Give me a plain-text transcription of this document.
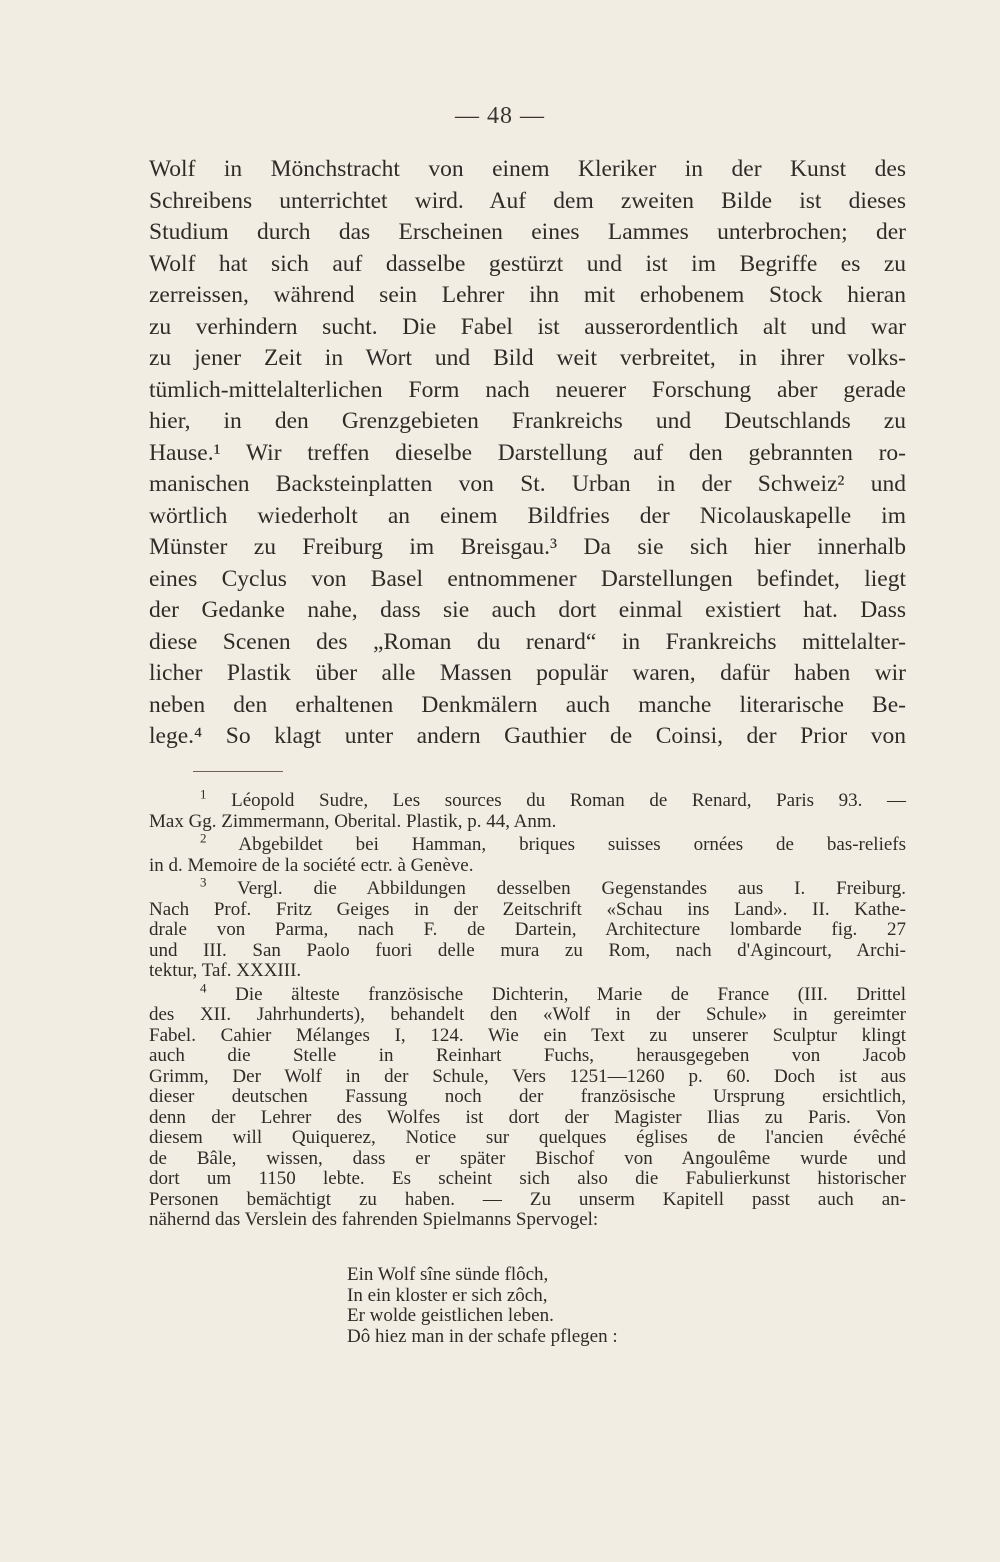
— 48 —
Wolf in Mönchstracht von einem Kleriker in der Kunst des
Schreibens unterrichtet wird. Auf dem zweiten Bilde ist dieses
Studium durch das Erscheinen eines Lammes unterbrochen; der
Wolf hat sich auf dasselbe gestürzt und ist im Begriffe es zu
zerreissen, während sein Lehrer ihn mit erhobenem Stock hieran
zu verhindern sucht. Die Fabel ist ausserordentlich alt und war
zu jener Zeit in Wort und Bild weit verbreitet, in ihrer volks-
tümlich-mittelalterlichen Form nach neuerer Forschung aber gerade
hier, in den Grenzgebieten Frankreichs und Deutschlands zu
Hause.¹ Wir treffen dieselbe Darstellung auf den gebrannten ro-
manischen Backsteinplatten von St. Urban in der Schweiz² und
wörtlich wiederholt an einem Bildfries der Nicolauskapelle im
Münster zu Freiburg im Breisgau.³ Da sie sich hier innerhalb
eines Cyclus von Basel entnommener Darstellungen befindet, liegt
der Gedanke nahe, dass sie auch dort einmal existiert hat. Dass
diese Scenen des „Roman du renard“ in Frankreichs mittelalter-
licher Plastik über alle Massen populär waren, dafür haben wir
neben den erhaltenen Denkmälern auch manche literarische Be-
lege.⁴ So klagt unter andern Gauthier de Coinsi, der Prior von
$^1$ Léopold Sudre, Les sources du Roman de Renard, Paris 93. —
Max Gg. Zimmermann, Oberital. Plastik, p. 44, Anm.
$^2$ Abgebildet bei Hamman, briques suisses ornées de bas-reliefs
in d. Memoire de la société ectr. à Genève.
$^3$ Vergl. die Abbildungen desselben Gegenstandes aus I. Freiburg.
Nach Prof. Fritz Geiges in der Zeitschrift «Schau ins Land». II. Kathe-
drale von Parma, nach F. de Dartein, Architecture lombarde fig. 27
und III. San Paolo fuori delle mura zu Rom, nach d'Agincourt, Archi-
tektur, Taf. XXXIII.
$^4$ Die älteste französische Dichterin, Marie de France (III. Drittel
des XII. Jahrhunderts), behandelt den «Wolf in der Schule» in gereimter
Fabel. Cahier Mélanges I, 124. Wie ein Text zu unserer Sculptur klingt
auch die Stelle in Reinhart Fuchs, herausgegeben von Jacob
Grimm, Der Wolf in der Schule, Vers 1251—1260 p. 60. Doch ist aus
dieser deutschen Fassung noch der französische Ursprung ersichtlich,
denn der Lehrer des Wolfes ist dort der Magister Ilias zu Paris. Von
diesem will Quiquerez, Notice sur quelques églises de l'ancien évêché
de Bâle, wissen, dass er später Bischof von Angoulême wurde und
dort um 1150 lebte. Es scheint sich also die Fabulierkunst historischer
Personen bemächtigt zu haben. — Zu unserm Kapitell passt auch an-
nähernd das Verslein des fahrenden Spielmanns Spervogel:
Ein Wolf sîne sünde flôch,
In ein kloster er sich zôch,
Er wolde geistlichen leben.
Dô hiez man in der schafe pflegen :
